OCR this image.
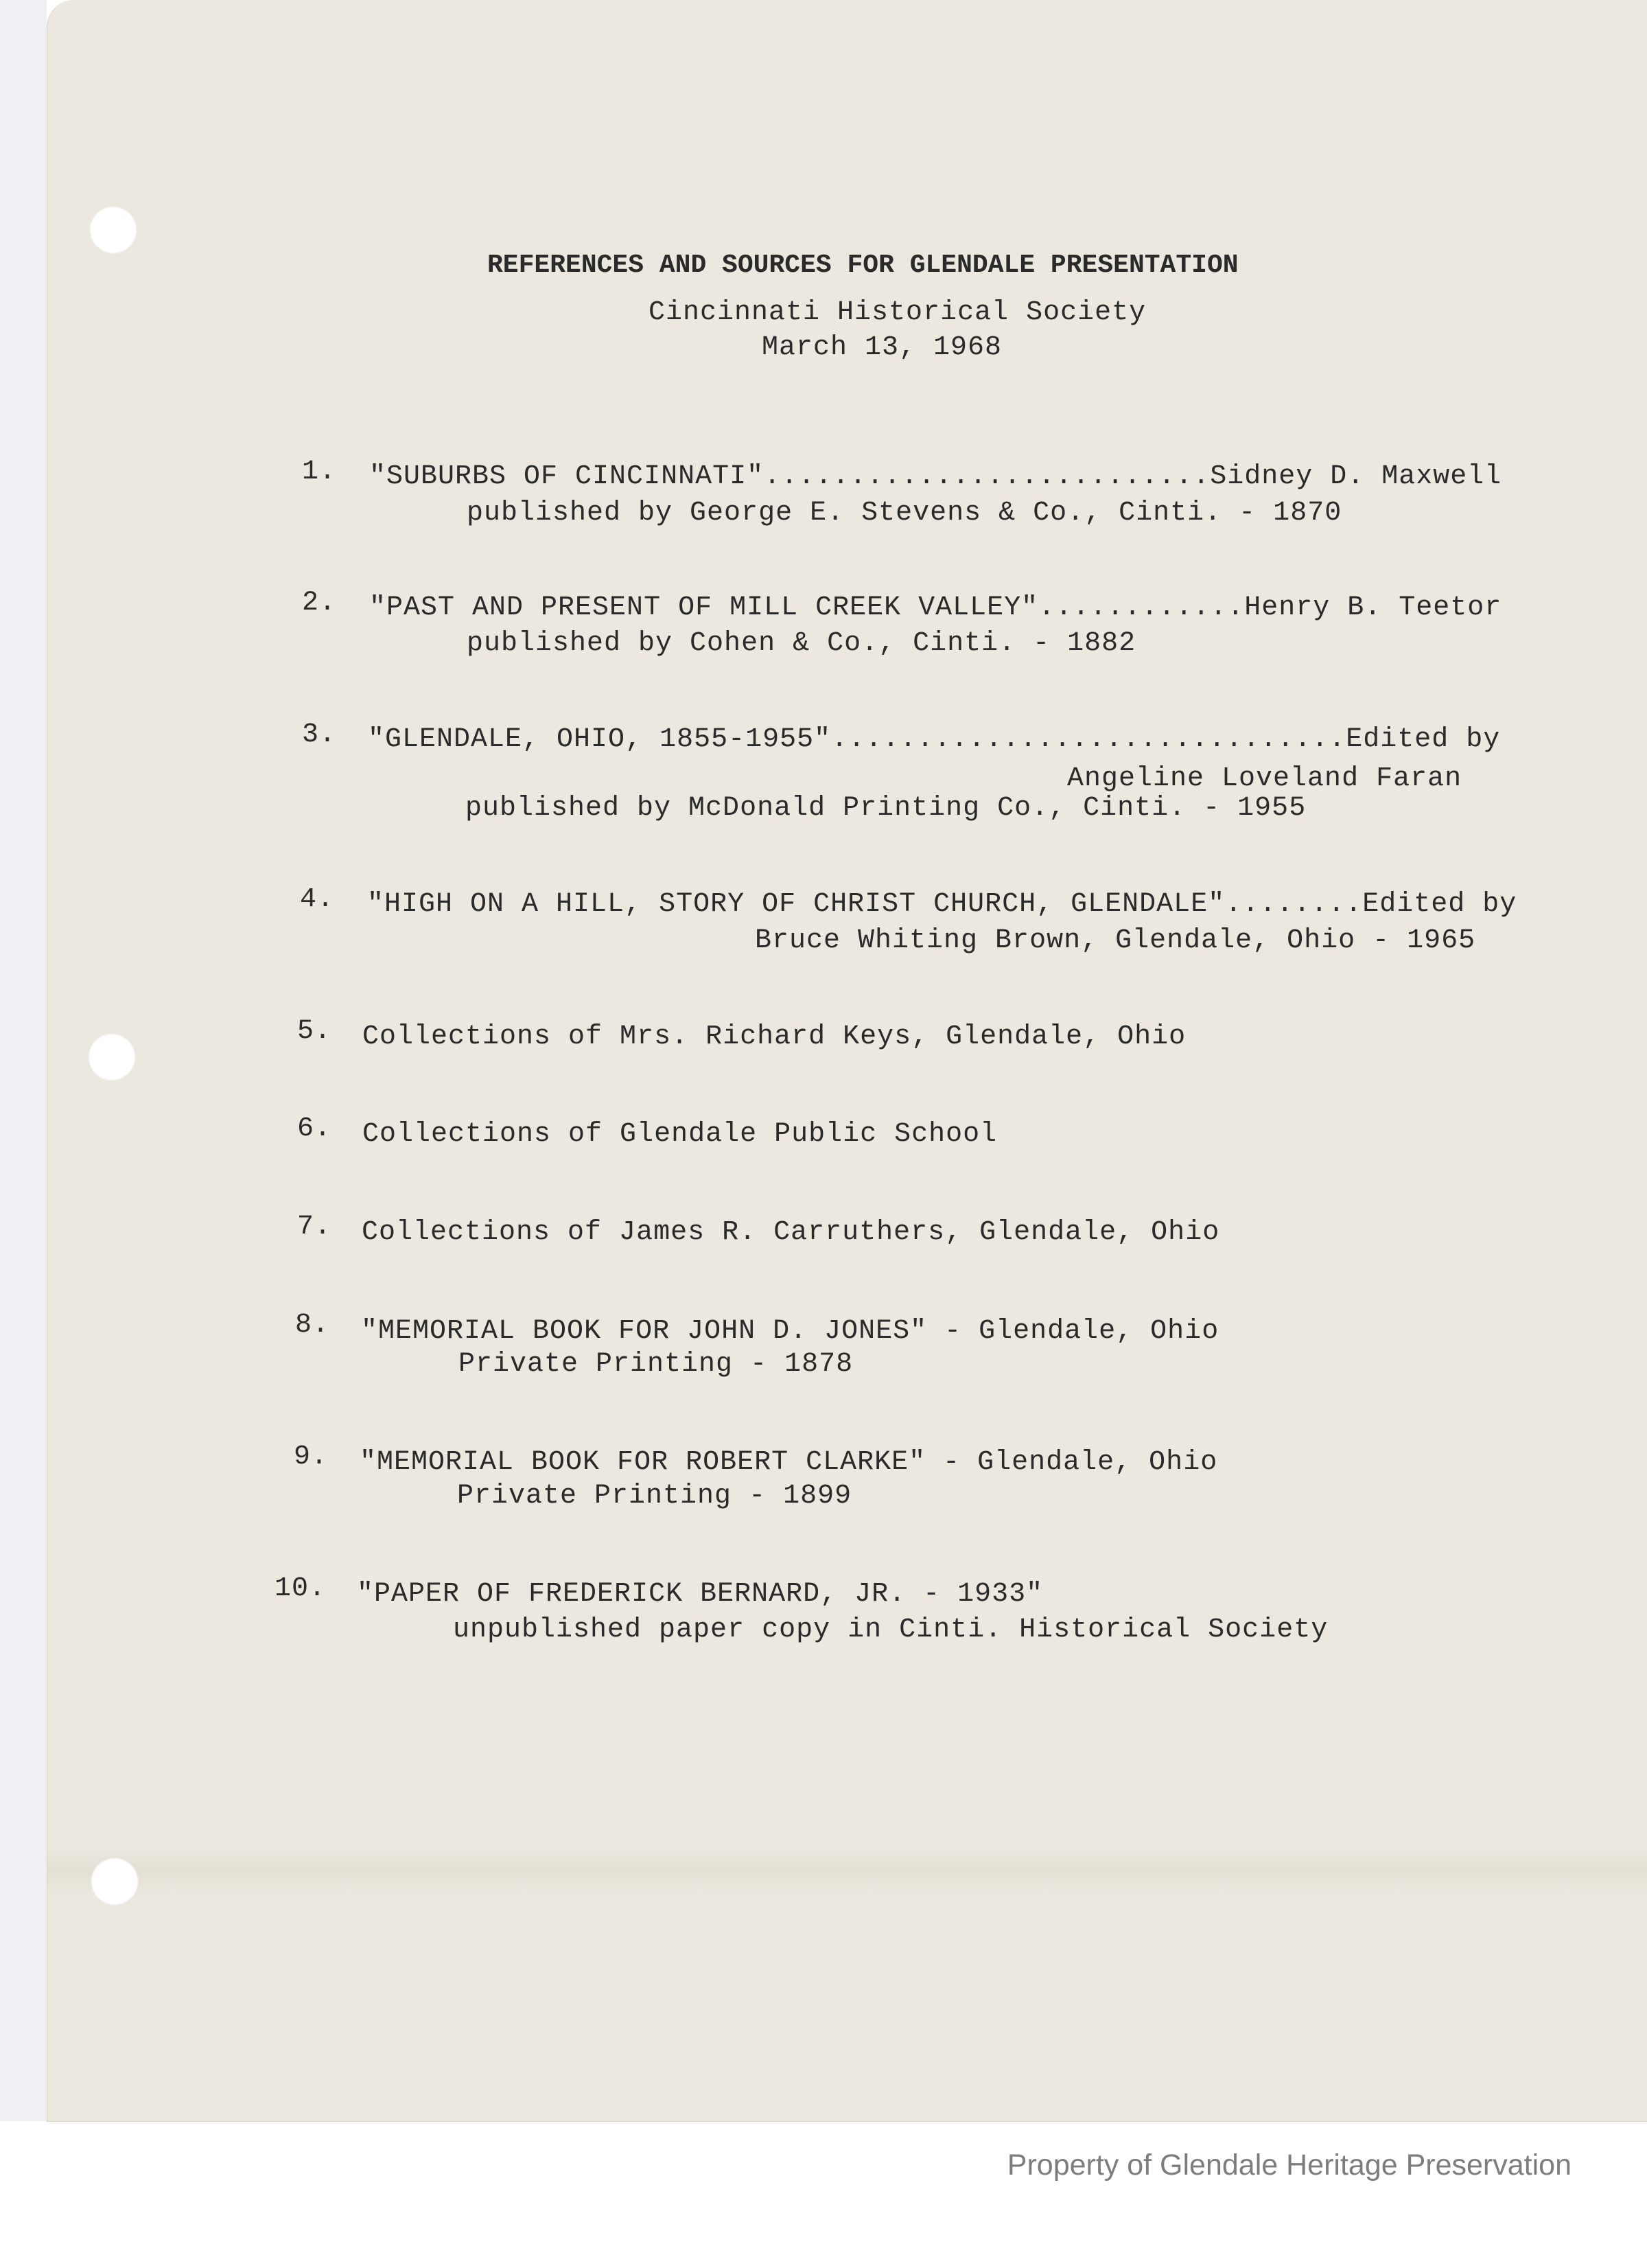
REFERENCES AND SOURCES FOR GLENDALE PRESENTATION
Cincinnati Historical Society
March 13, 1968
1. "SUBURBS OF CINCINNATI"..........................Sidney D. Maxwell
published by George E. Stevens & Co., Cinti. - 1870
2. "PAST AND PRESENT OF MILL CREEK VALLEY"............Henry B. Teetor
published by Cohen & Co., Cinti. - 1882
3. "GLENDALE, OHIO, 1855-1955"..............................Edited by
Angeline Loveland Faran
published by McDonald Printing Co., Cinti. - 1955
4. "HIGH ON A HILL, STORY OF CHRIST CHURCH, GLENDALE"........Edited by
Bruce Whiting Brown, Glendale, Ohio - 1965
5. Collections of Mrs. Richard Keys, Glendale, Ohio
6. Collections of Glendale Public School
7. Collections of James R. Carruthers, Glendale, Ohio
8. "MEMORIAL BOOK FOR JOHN D. JONES" - Glendale, Ohio
Private Printing - 1878
9. "MEMORIAL BOOK FOR ROBERT CLARKE" - Glendale, Ohio
Private Printing - 1899
10. "PAPER OF FREDERICK BERNARD, JR. - 1933"
unpublished paper copy in Cinti. Historical Society
Property of Glendale Heritage Preservation
